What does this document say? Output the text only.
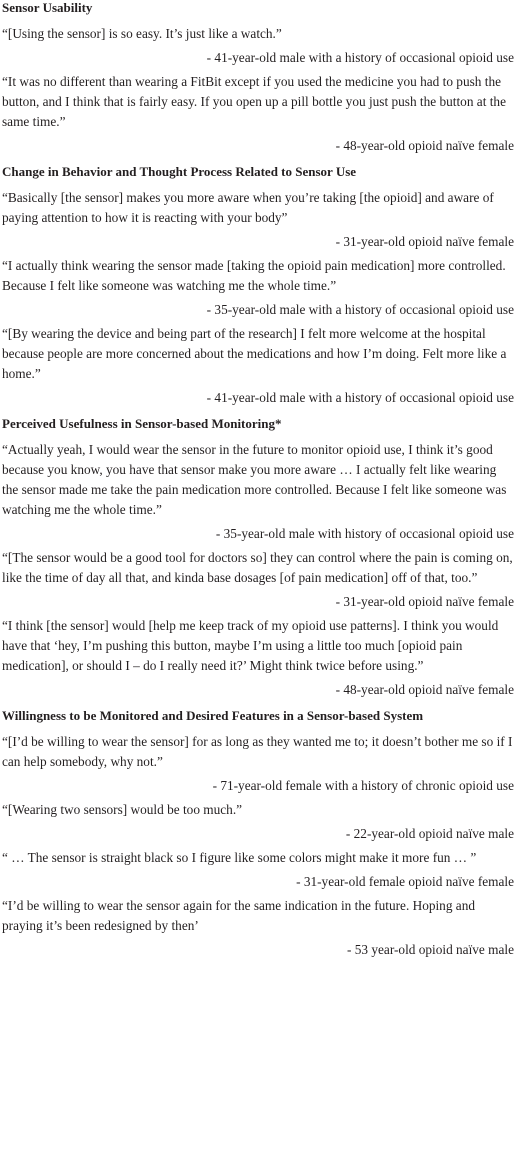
Sensor Usability

“[Using the sensor] is so easy. It’s just like a watch.”

- 41-year-old male with a history of occasional opioid use

“It was no different than wearing a FitBit except if you used the medicine you had to push the button, and I think that is fairly easy. If you open up a pill bottle you just push the button at the same time.”

- 48-year-old opioid naïve female

Change in Behavior and Thought Process Related to Sensor Use

“Basically [the sensor] makes you more aware when you’re taking [the opioid] and aware of paying attention to how it is reacting with your body”

- 31-year-old opioid naïve female

“I actually think wearing the sensor made [taking the opioid pain medication] more controlled. Because I felt like someone was watching me the whole time.”

- 35-year-old male with a history of occasional opioid use

“[By wearing the device and being part of the research] I felt more welcome at the hospital because people are more concerned about the medications and how I’m doing. Felt more like a home.”

- 41-year-old male with a history of occasional opioid use

Perceived Usefulness in Sensor-based Monitoring*

“Actually yeah, I would wear the sensor in the future to monitor opioid use, I think it’s good because you know, you have that sensor make you more aware … I actually felt like wearing the sensor made me take the pain medication more controlled. Because I felt like someone was watching me the whole time.”

- 35-year-old male with history of occasional opioid use

“[The sensor would be a good tool for doctors so] they can control where the pain is coming on, like the time of day all that, and kinda base dosages [of pain medication] off of that, too.”

- 31-year-old opioid naïve female

“I think [the sensor] would [help me keep track of my opioid use patterns]. I think you would have that ‘hey, I’m pushing this button, maybe I’m using a little too much [opioid pain medication], or should I – do I really need it?’ Might think twice before using.”

- 48-year-old opioid naïve female

Willingness to be Monitored and Desired Features in a Sensor-based System

“[I’d be willing to wear the sensor] for as long as they wanted me to; it doesn’t bother me so if I can help somebody, why not.”

- 71-year-old female with a history of chronic opioid use

“[Wearing two sensors] would be too much.”

- 22-year-old opioid naïve male

“ … The sensor is straight black so I figure like some colors might make it more fun … ”

- 31-year-old female opioid naïve female

“I’d be willing to wear the sensor again for the same indication in the future. Hoping and praying it’s been redesigned by then’

- 53 year-old opioid naïve male
